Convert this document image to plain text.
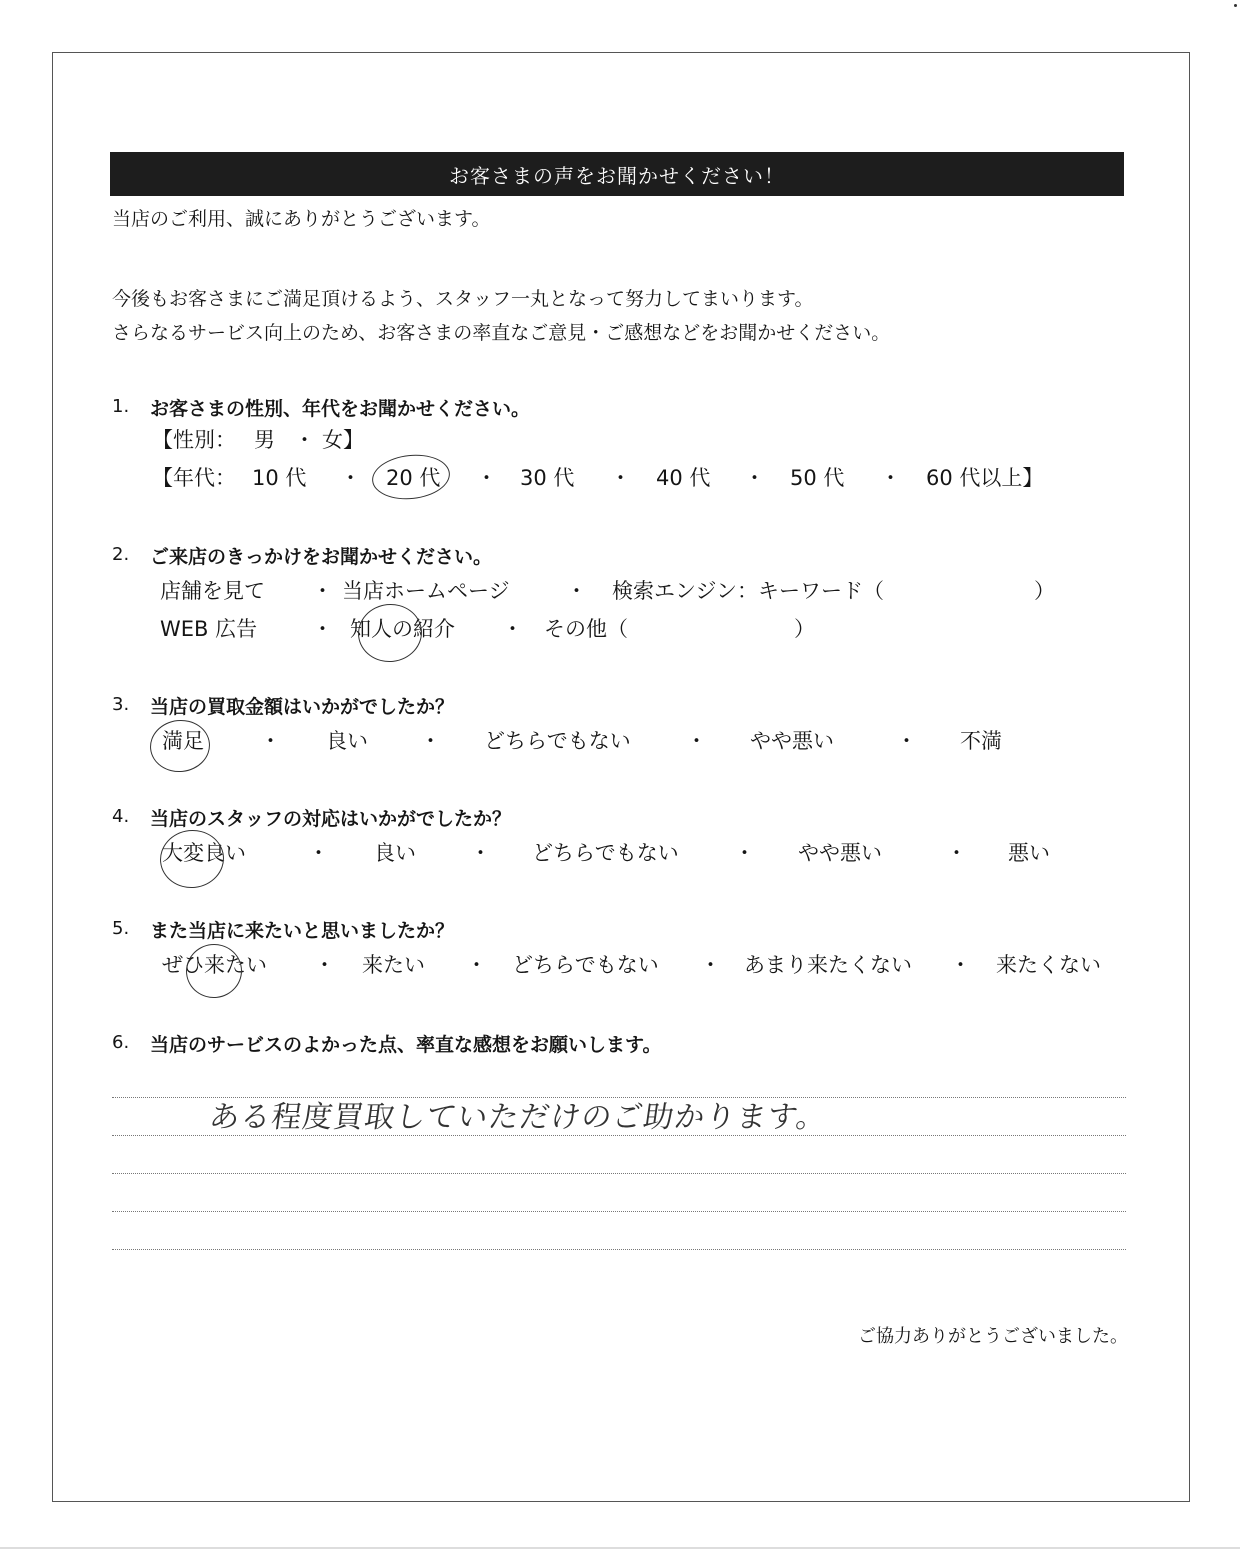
お客さまの声をお聞かせください！
当店のご利用、誠にありがとうございます。
今後もお客さまにご満足頂けるよう、スタッフ一丸となって努力してまいります。
さらなるサービス向上のため、お客さまの率直なご意見・ご感想などをお聞かせください。
1. お客さまの性別、年代をお聞かせください。
【性別： 男 ・ 女】
【年代： 10 代 ・ 20 代 ・ 30 代 ・ 40 代 ・ 50 代 ・ 60 代以上】
2. ご来店のきっかけをお聞かせください。
店舗を見て ・ 当店ホームページ	・ 検索エンジン：キーワード（	）
WEB 広告	・ 知人の紹介 ・ その他（	）
3. 当店の買取金額はいかがでしたか？
満足	・ 良い ・ どちらでもない	・ やや悪い	・ 不満
4. 当店のスタッフの対応はいかがでしたか？
大変良い	・ 良い	・ どちらでもない	・ やや悪い	・ 悪い
5. また当店に来たいと思いましたか？
ぜひ来たい ・ 来たい ・ どちらでもない ・ あまり来たくない ・ 来たくない
6. 当店のサービスのよかった点、率直な感想をお願いします。
ある程度買取していただけのご助かります。
ご協力ありがとうございました。
